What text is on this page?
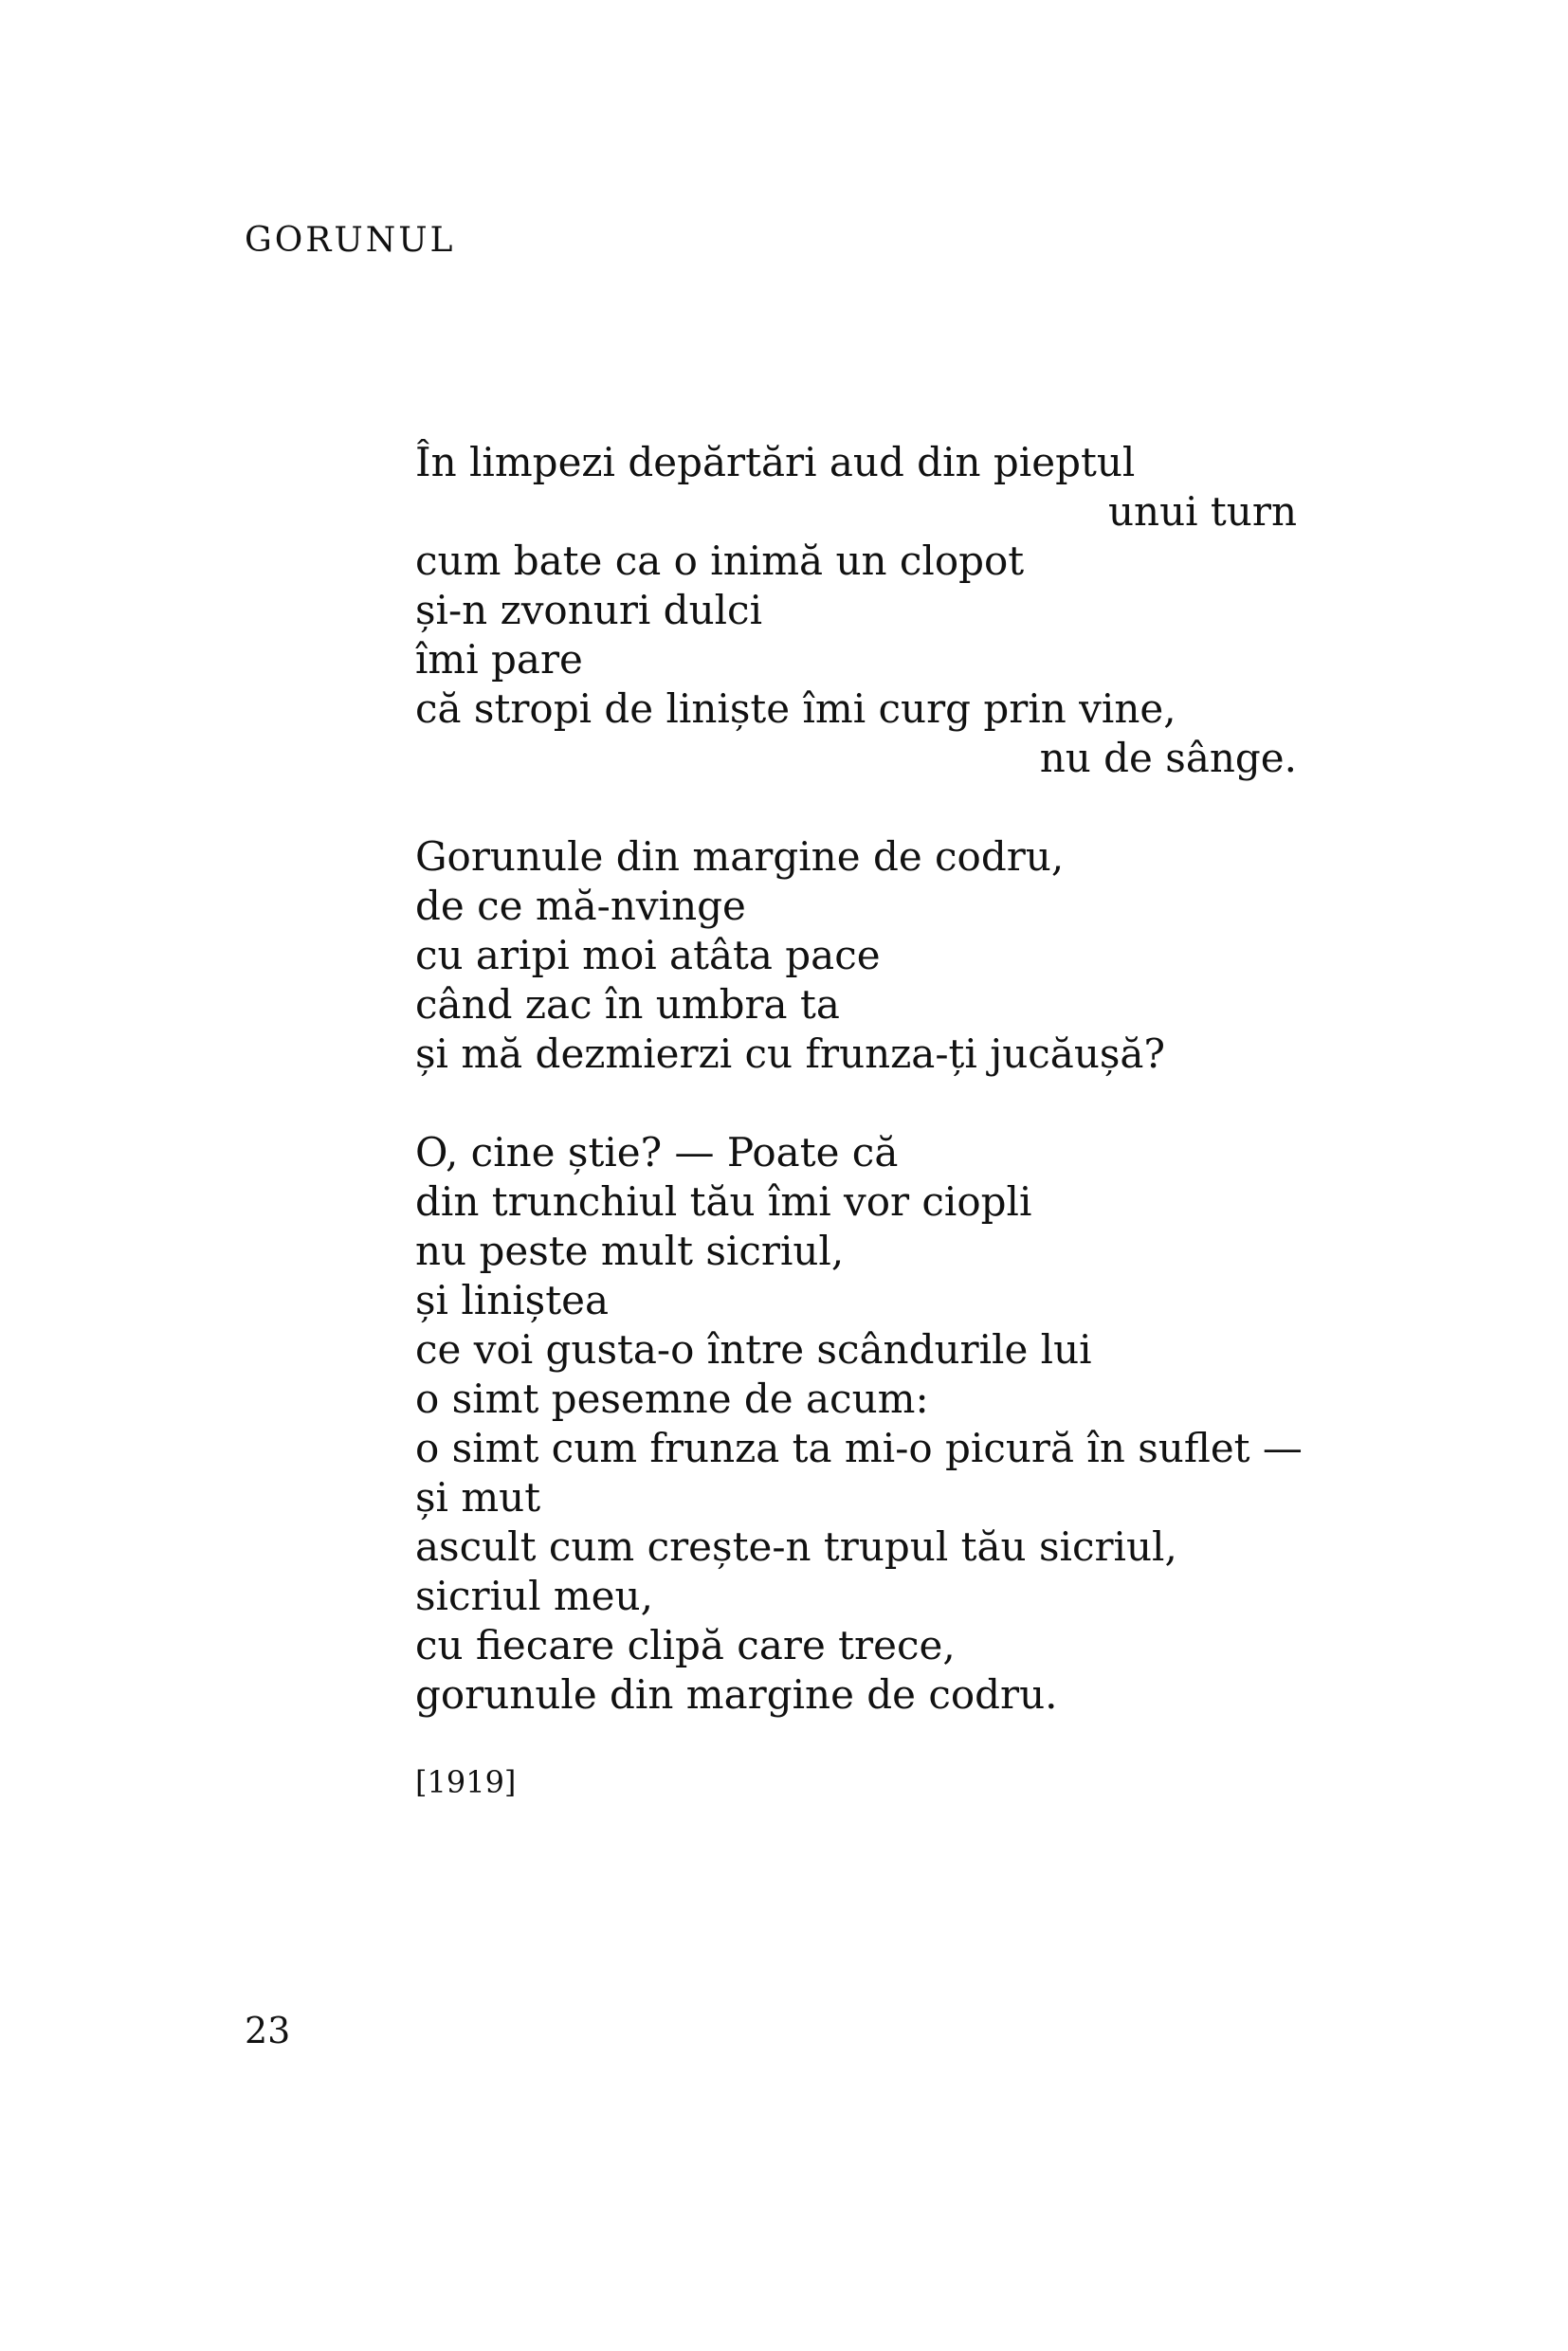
GORUNUL
În limpezi depărtări aud din pieptul
unui turn
cum bate ca o inimă un clopot
și-n zvonuri dulci
îmi pare
că stropi de liniște îmi curg prin vine,
nu de sânge.
Gorunule din margine de codru,
de ce mă-nvinge
cu aripi moi atâta pace
când zac în umbra ta
și mă dezmierzi cu frunza-ți jucăușă?
O, cine știe? — Poate că
din trunchiul tău îmi vor ciopli
nu peste mult sicriul,
și liniștea
ce voi gusta-o între scândurile lui
o simt pesemne de acum:
o simt cum frunza ta mi-o picură în suflet —
și mut
ascult cum crește-n trupul tău sicriul,
sicriul meu,
cu fiecare clipă care trece,
gorunule din margine de codru.
[1919]
23
